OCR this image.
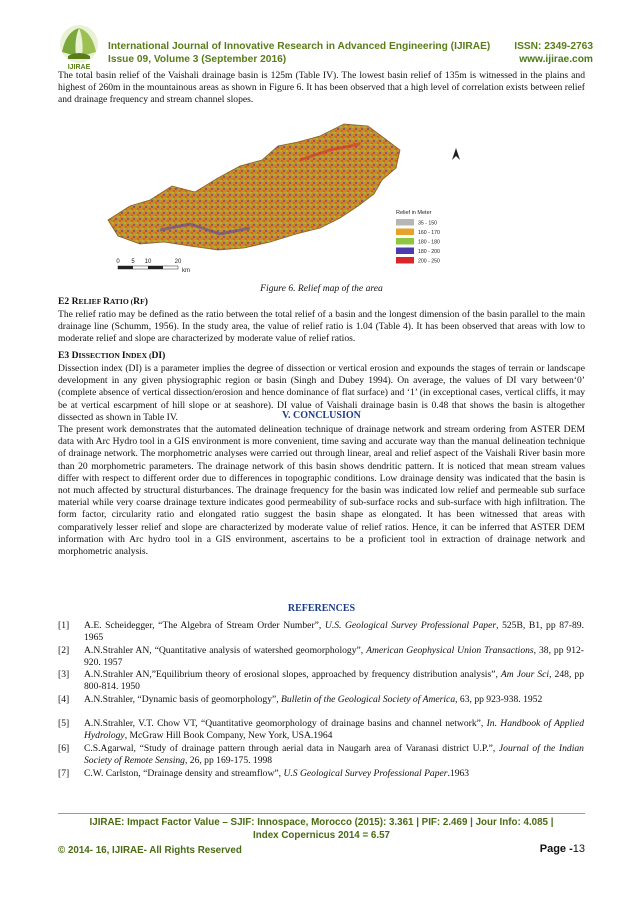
IJIRAE
International Journal of Innovative Research in Advanced Engineering (IJIRAE)
Issue 09, Volume 3 (September 2016)
ISSN: 2349-2763
www.ijirae.com
The total basin relief of the Vaishali drainage basin is 125m (Table IV). The lowest basin relief of 135m is witnessed in the plains and highest of 260m in the mountainous areas as shown in Figure 6. It has been observed that a high level of correlation exists between relief and drainage frequency and stream channel slopes.
Relief in Meter
35 - 150
160 - 170
180 - 180
180 - 200
200 - 250
0 5 10	20
km
Figure 6. Relief map of the area
E2 RELIEF RATIO (RF)
The relief ratio may be defined as the ratio between the total relief of a basin and the longest dimension of the basin parallel to the main drainage line (Schumm, 1956). In the study area, the value of relief ratio is 1.04 (Table 4). It has been observed that areas with low to moderate relief and slope are characterized by moderate value of relief ratios.
E3 DISSECTION INDEX (DI)
Dissection index (DI) is a parameter implies the degree of dissection or vertical erosion and expounds the stages of terrain or landscape development in any given physiographic region or basin (Singh and Dubey 1994). On average, the values of DI vary between‘0’ (complete absence of vertical dissection/erosion and hence dominance of flat surface) and ‘1’ (in exceptional cases, vertical cliffs, it may be at vertical escarpment of hill slope or at seashore). DI value of Vaishali drainage basin is 0.48 that shows the basin is altogether dissected as shown in Table IV.	V. CONCLUSION
The present work demonstrates that the automated delineation technique of drainage network and stream ordering from ASTER DEM data with Arc Hydro tool in a GIS environment is more convenient, time saving and accurate way than the manual delineation technique of drainage network. The morphometric analyses were carried out through linear, areal and relief aspect of the Vaishali River basin more than 20 morphometric parameters. The drainage network of this basin shows dendritic pattern. It is noticed that mean stream values differ with respect to different order due to differences in topographic conditions. Low drainage density was indicated that the basin is not much affected by structural disturbances. The drainage frequency for the basin was indicated low relief and permeable sub surface material while very coarse drainage texture indicates good permeability of sub-surface rocks and sub-surface with high infiltration. The form factor, circularity ratio and elongated ratio suggest the basin shape as elongated. It has been witnessed that areas with comparatively lesser relief and slope are characterized by moderate value of relief ratios. Hence, it can be inferred that ASTER DEM information with Arc hydro tool in a GIS environment, ascertains to be a proficient tool in extraction of drainage network and morphometric analysis.
REFERENCES
[1] A.E. Scheidegger, “The Algebra of Stream Order Number”, U.S. Geological Survey Professional Paper, 525B, B1, pp 87-89. 1965
[2] A.N.Strahler AN, “Quantitative analysis of watershed geomorphology”, American Geophysical Union Transactions, 38, pp 912-920. 1957
[3] A.N.Strahler AN,”Equilibrium theory of erosional slopes, approached by frequency distribution analysis”, Am Jour Sci, 248, pp 800-814. 1950
[4] A.N.Strahler, “Dynamic basis of geomorphology”, Bulletin of the Geological Society of America, 63, pp 923-938. 1952
[5] A.N.Strahler, V.T. Chow VT, “Quantitative geomorphology of drainage basins and channel network”, In. Handbook of Applied Hydrology, McGraw Hill Book Company, New York, USA.1964
[6] C.S.Agarwal, “Study of drainage pattern through aerial data in Naugarh area of Varanasi district U.P.”, Journal of the Indian Society of Remote Sensing, 26, pp 169-175. 1998
[7] C.W. Carlston, “Drainage density and streamflow”, U.S Geological Survey Professional Paper.1963
IJIRAE: Impact Factor Value – SJIF: Innospace, Morocco (2015): 3.361 | PIF: 2.469 | Jour Info: 4.085 |
Index Copernicus 2014 = 6.57
© 2014- 16, IJIRAE- All Rights Reserved	Page -13
